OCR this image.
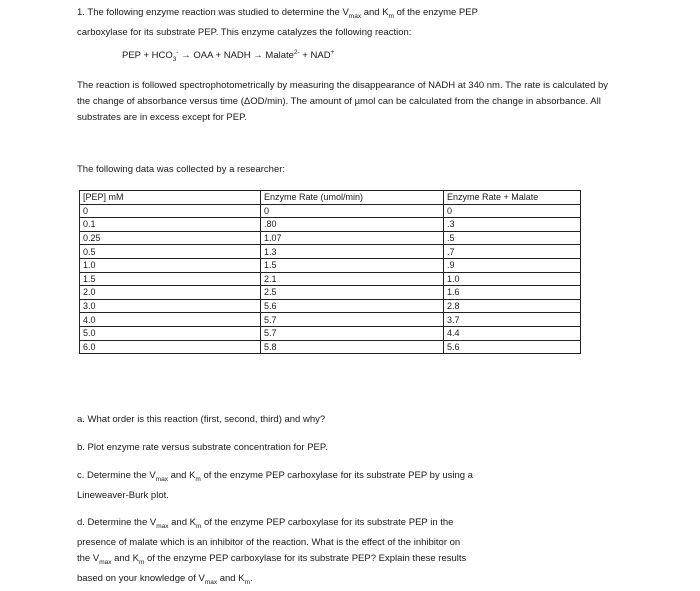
1. The following enzyme reaction was studied to determine the $V_{max}$ and $K_m$ of the enzyme PEP
carboxylase for its substrate PEP. This enzyme catalyzes the following reaction:
PEP + $HCO_3^-$ → OAA + NADH → Malate$^{2-}$ + NAD+
The reaction is followed spectrophotometrically by measuring the disappearance of NADH at 340 nm. The rate is calculated by the change of absorbance versus time (ΔOD/min). The amount of µmol can be calculated from the change in absorbance. All substrates are in excess except for PEP.
The following data was collected by a researcher:
[PEP] mM	Enzyme Rate (umol/min)	Enzyme Rate + Malate
0	0	0
0.1	.80	.3
0.25	1.07	.5
0.5	1.3	.7
1.0	1.5	.9
1.5	2.1	1.0
2.0	2.5	1.6
3.0	5.6	2.8
4.0	5.7	3.7
5.0	5.7	4.4
6.0	5.8	5.6
a. What order is this reaction (first, second, third) and why?
b. Plot enzyme rate versus substrate concentration for PEP.
c. Determine the $V_{max}$ and $K_m$ of the enzyme PEP carboxylase for its substrate PEP by using a
Lineweaver-Burk plot.
d. Determine the $V_{max}$ and $K_m$ of the enzyme PEP carboxylase for its substrate PEP in the
presence of malate which is an inhibitor of the reaction. What is the effect of the inhibitor on
the $V_{max}$ and $K_m$ of the enzyme PEP carboxylase for its substrate PEP? Explain these results
based on your knowledge of $V_{max}$ and $K_m$.
